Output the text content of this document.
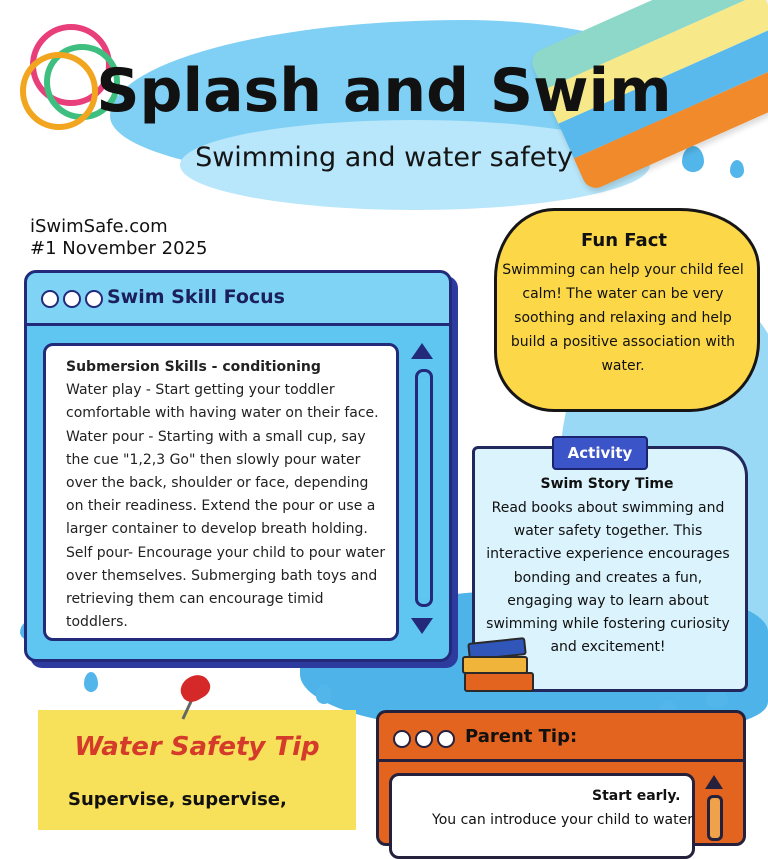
Splash and Swim
Swimming and water safety
iSwimSafe.com
#1 November 2025
Swim Skill Focus
Submersion Skills - conditioning
Water play - Start getting your toddler comfortable with having water on their face. Water pour - Starting with a small cup, say the cue "1,2,3 Go" then slowly pour water over the back, shoulder or face, depending on their readiness. Extend the pour or use a larger container to develop breath holding. Self pour- Encourage your child to pour water over themselves. Submerging bath toys and retrieving them can encourage timid toddlers.
Fun Fact
Swimming can help your child feel calm! The water can be very soothing and relaxing and help build a positive association with water.
Activity
Swim Story Time
Read books about swimming and water safety together. This interactive experience encourages bonding and creates a fun, engaging way to learn about swimming while fostering curiosity and excitement!
Water Safety Tip
Supervise, supervise,
Parent Tip:
Start early.
You can introduce your child to water
